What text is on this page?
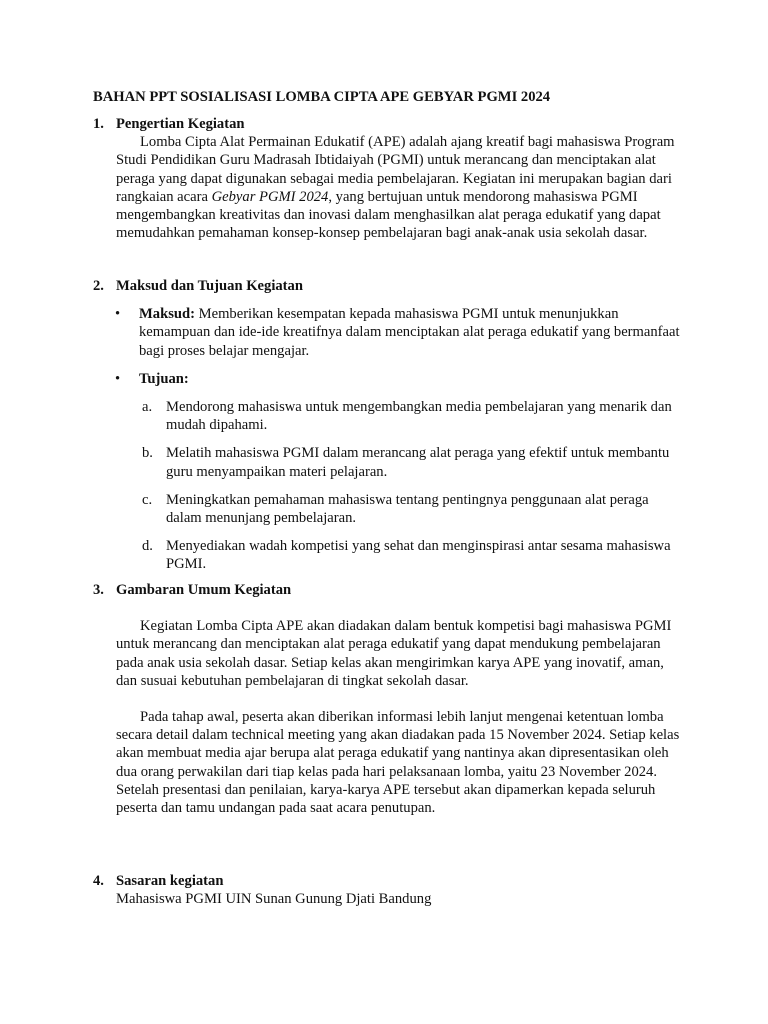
BAHAN PPT SOSIALISASI LOMBA CIPTA APE GEBYAR PGMI 2024
1. Pengertian Kegiatan

Lomba Cipta Alat Permainan Edukatif (APE) adalah ajang kreatif bagi mahasiswa Program Studi Pendidikan Guru Madrasah Ibtidaiyah (PGMI) untuk merancang dan menciptakan alat peraga yang dapat digunakan sebagai media pembelajaran. Kegiatan ini merupakan bagian dari rangkaian acara Gebyar PGMI 2024, yang bertujuan untuk mendorong mahasiswa PGMI mengembangkan kreativitas dan inovasi dalam menghasilkan alat peraga edukatif yang dapat memudahkan pemahaman konsep-konsep pembelajaran bagi anak-anak usia sekolah dasar.

2. Maksud dan Tujuan Kegiatan
• Maksud: Memberikan kesempatan kepada mahasiswa PGMI untuk menunjukkan kemampuan dan ide-ide kreatifnya dalam menciptakan alat peraga edukatif yang bermanfaat bagi proses belajar mengajar.

• Tujuan:

a. Mendorong mahasiswa untuk mengembangkan media pembelajaran yang menarik dan mudah dipahami.

b. Melatih mahasiswa PGMI dalam merancang alat peraga yang efektif untuk membantu guru menyampaikan materi pelajaran.

c. Meningkatkan pemahaman mahasiswa tentang pentingnya penggunaan alat peraga dalam menunjang pembelajaran.

d. Menyediakan wadah kompetisi yang sehat dan menginspirasi antar sesama mahasiswa PGMI.

3. Gambaran Umum Kegiatan

Kegiatan Lomba Cipta APE akan diadakan dalam bentuk kompetisi bagi mahasiswa PGMI untuk merancang dan menciptakan alat peraga edukatif yang dapat mendukung pembelajaran pada anak usia sekolah dasar. Setiap kelas akan mengirimkan karya APE yang inovatif, aman, dan susuai kebutuhan pembelajaran di tingkat sekolah dasar.

Pada tahap awal, peserta akan diberikan informasi lebih lanjut mengenai ketentuan lomba secara detail dalam technical meeting yang akan diadakan pada 15 November 2024. Setiap kelas akan membuat media ajar berupa alat peraga edukatif yang nantinya akan dipresentasikan oleh dua orang perwakilan dari tiap kelas pada hari pelaksanaan lomba, yaitu 23 November 2024. Setelah presentasi dan penilaian, karya-karya APE tersebut akan dipamerkan kepada seluruh peserta dan tamu undangan pada saat acara penutupan.

4. Sasaran kegiatan

Mahasiswa PGMI UIN Sunan Gunung Djati Bandung
